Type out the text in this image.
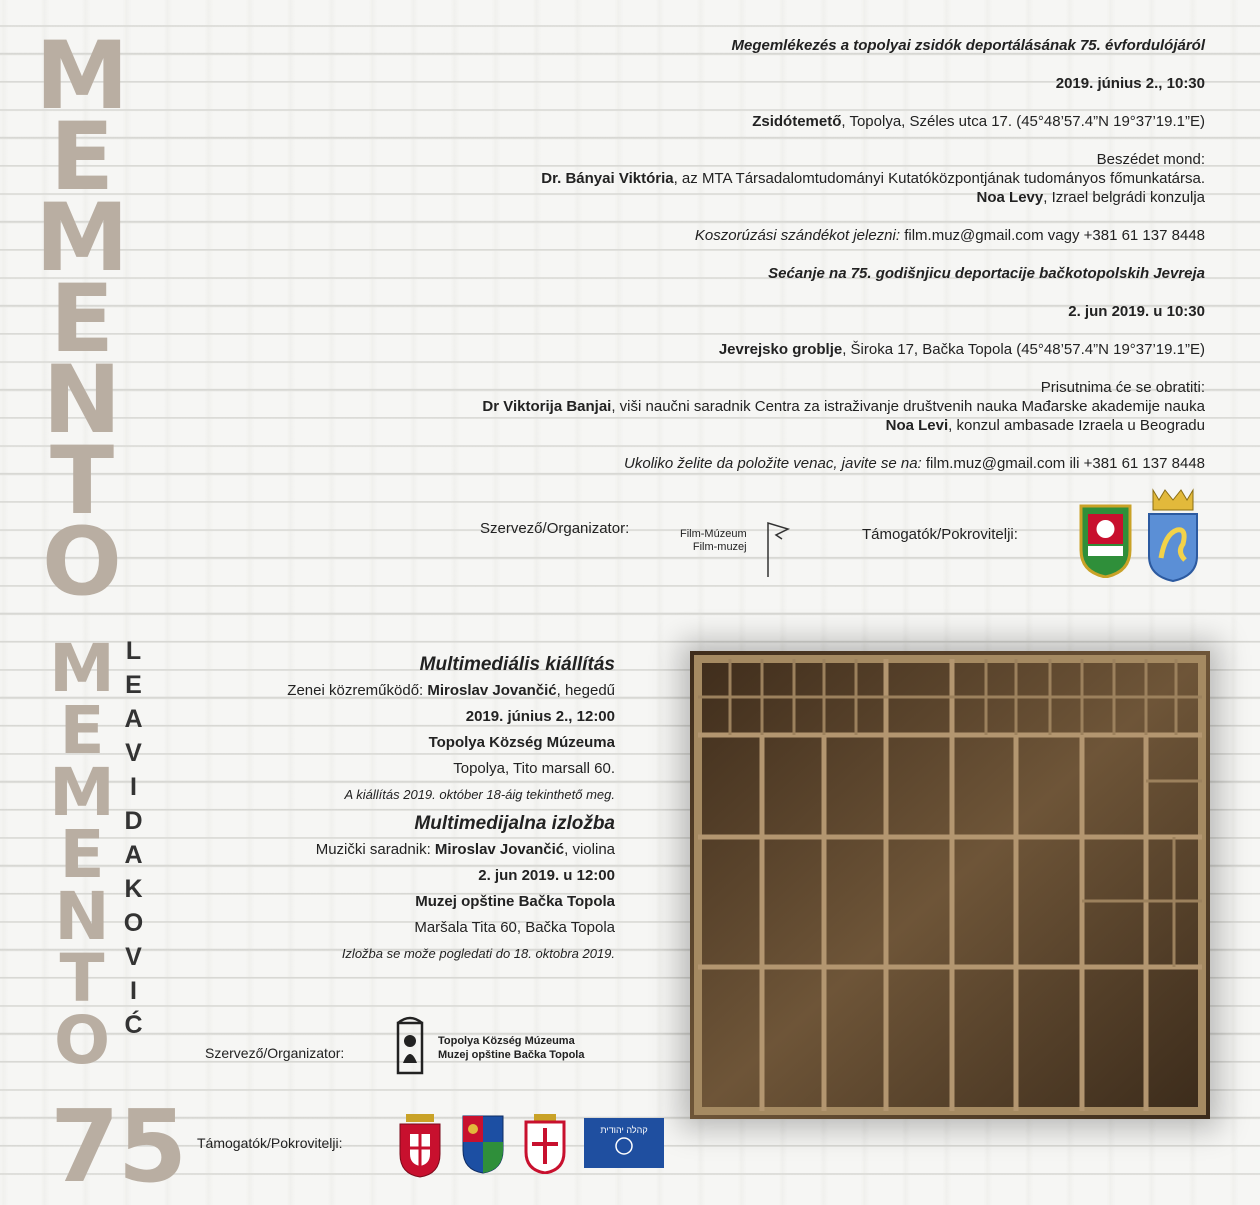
M
E
M
E
N
T
O
M
E
M
E
N
T
O
75
L
E
A
V
I
D
A
K
O
V
I
Ć

Megemlékezés a topolyai zsidók deportálásának 75. évfordulójáról

2019. június 2., 10:30

Zsidótemető, Topolya, Széles utca 17. (45°48’57.4”N 19°37’19.1”E)

Beszédet mond:

Dr. Bányai Viktória, az MTA Társadalomtudományi Kutatóközpontjának tudományos főmunkatársa.

Noa Levy, Izrael belgrádi konzulja

Koszorúzási szándékot jelezni: film.muz@gmail.com vagy +381 61 137 8448

Sećanje na 75. godišnjicu deportacije bačkotopolskih Jevreja

2. jun 2019. u 10:30

Jevrejsko groblje, Široka 17, Bačka Topola (45°48’57.4”N 19°37’19.1”E)

Prisutnima će se obratiti:

Dr Viktorija Banjai, viši naučni saradnik Centra za istraživanje društvenih nauka Mađarske akademije nauka

Noa Levi, konzul ambasade Izraela u Beogradu

Ukoliko želite da položite venac, javite se na: film.muz@gmail.com ili +381 61 137 8448

Szervező/Organizator:	Film-Múzeum
Film-muzej
Támogatók/Pokrovitelji:

Multimediális kiállítás

Zenei közreműködő: Miroslav Jovančić, hegedű

2019. június 2., 12:00

Topolya Község Múzeuma

Topolya, Tito marsall 60.

A kiállítás 2019. október 18-áig tekinthető meg.

Multimedijalna izložba

Muzički saradnik: Miroslav Jovančić, violina

2. jun 2019. u 12:00

Muzej opštine Bačka Topola

Maršala Tita 60, Bačka Topola

Izložba se može pogledati do 18. oktobra 2019.

Szervező/Organizator:
Topolya Község Múzeuma
Muzej opštine Bačka Topola
Támogatók/Pokrovitelji:
קהלה יהודית
